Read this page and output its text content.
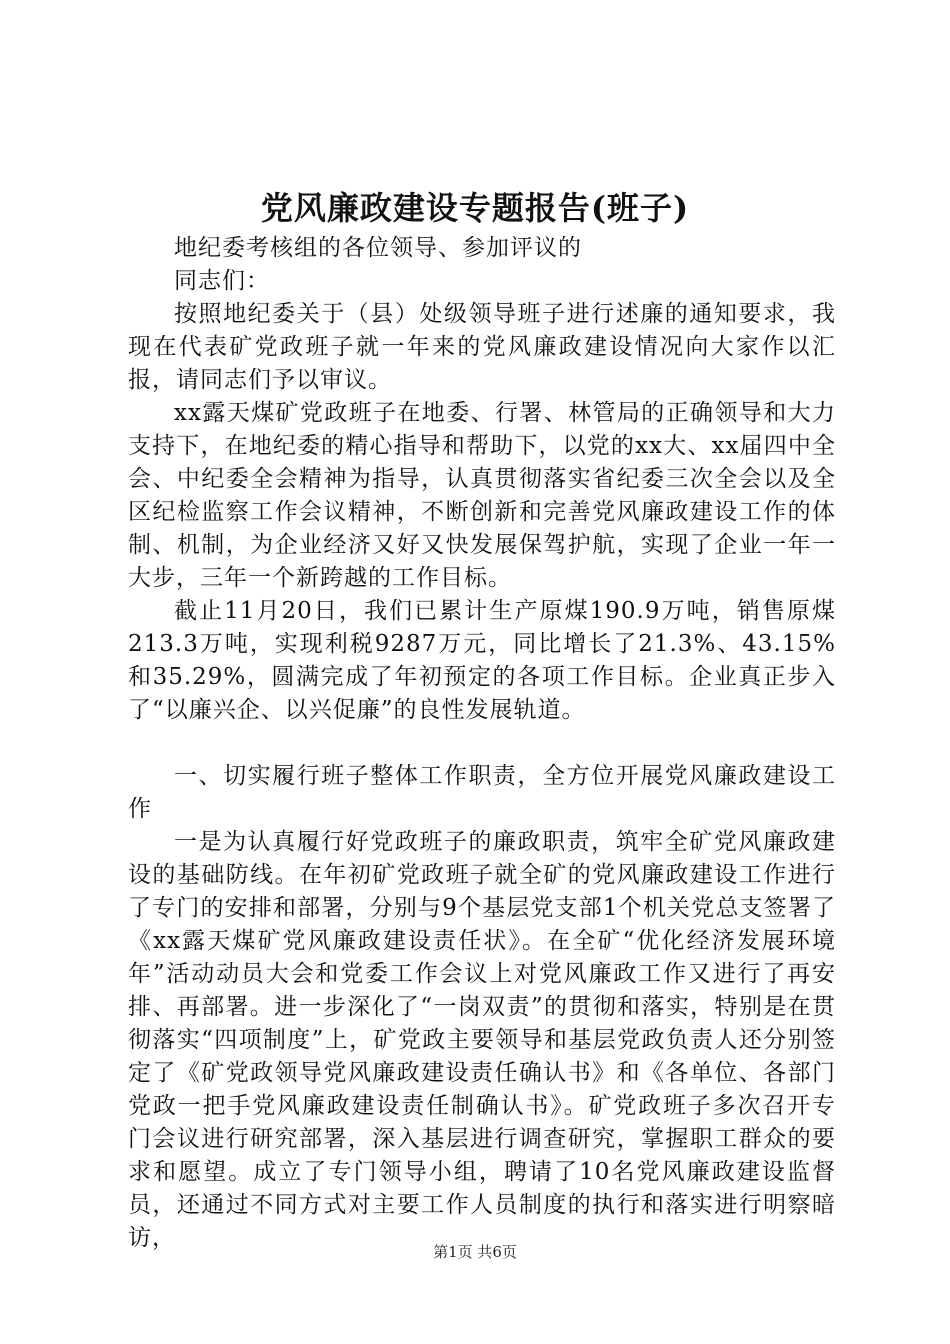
党风廉政建设专题报告(班子)

地纪委考核组的各位领导、参加评议的

同志们：

按照地纪委关于（县）处级领导班子进行述廉的通知要求，我现在代表矿党政班子就一年来的党风廉政建设情况向大家作以汇报，请同志们予以审议。

xx露天煤矿党政班子在地委、行署、林管局的正确领导和大力支持下，在地纪委的精心指导和帮助下，以党的xx大、xx届四中全会、中纪委全会精神为指导，认真贯彻落实省纪委三次全会以及全区纪检监察工作会议精神，不断创新和完善党风廉政建设工作的体制、机制，为企业经济又好又快发展保驾护航，实现了企业一年一大步，三年一个新跨越的工作目标。

截止11月20日，我们已累计生产原煤190.9万吨，销售原煤213.3万吨，实现利税9287万元，同比增长了21.3%、43.15%和35.29%，圆满完成了年初预定的各项工作目标。企业真正步入了“以廉兴企、以兴促廉”的良性发展轨道。

一、切实履行班子整体工作职责，全方位开展党风廉政建设工作

一是为认真履行好党政班子的廉政职责，筑牢全矿党风廉政建设的基础防线。在年初矿党政班子就全矿的党风廉政建设工作进行了专门的安排和部署，分别与9个基层党支部1个机关党总支签署了《xx露天煤矿党风廉政建设责任状》。在全矿“优化经济发展环境年”活动动员大会和党委工作会议上对党风廉政工作又进行了再安排、再部署。进一步深化了“一岗双责”的贯彻和落实，特别是在贯彻落实“四项制度”上，矿党政主要领导和基层党政负责人还分别签定了《矿党政领导党风廉政建设责任确认书》和《各单位、各部门党政一把手党风廉政建设责任制确认书》。矿党政班子多次召开专门会议进行研究部署，深入基层进行调查研究，掌握职工群众的要求和愿望。成立了专门领导小组，聘请了10名党风廉政建设监督员，还通过不同方式对主要工作人员制度的执行和落实进行明察暗访，

第1页 共6页
